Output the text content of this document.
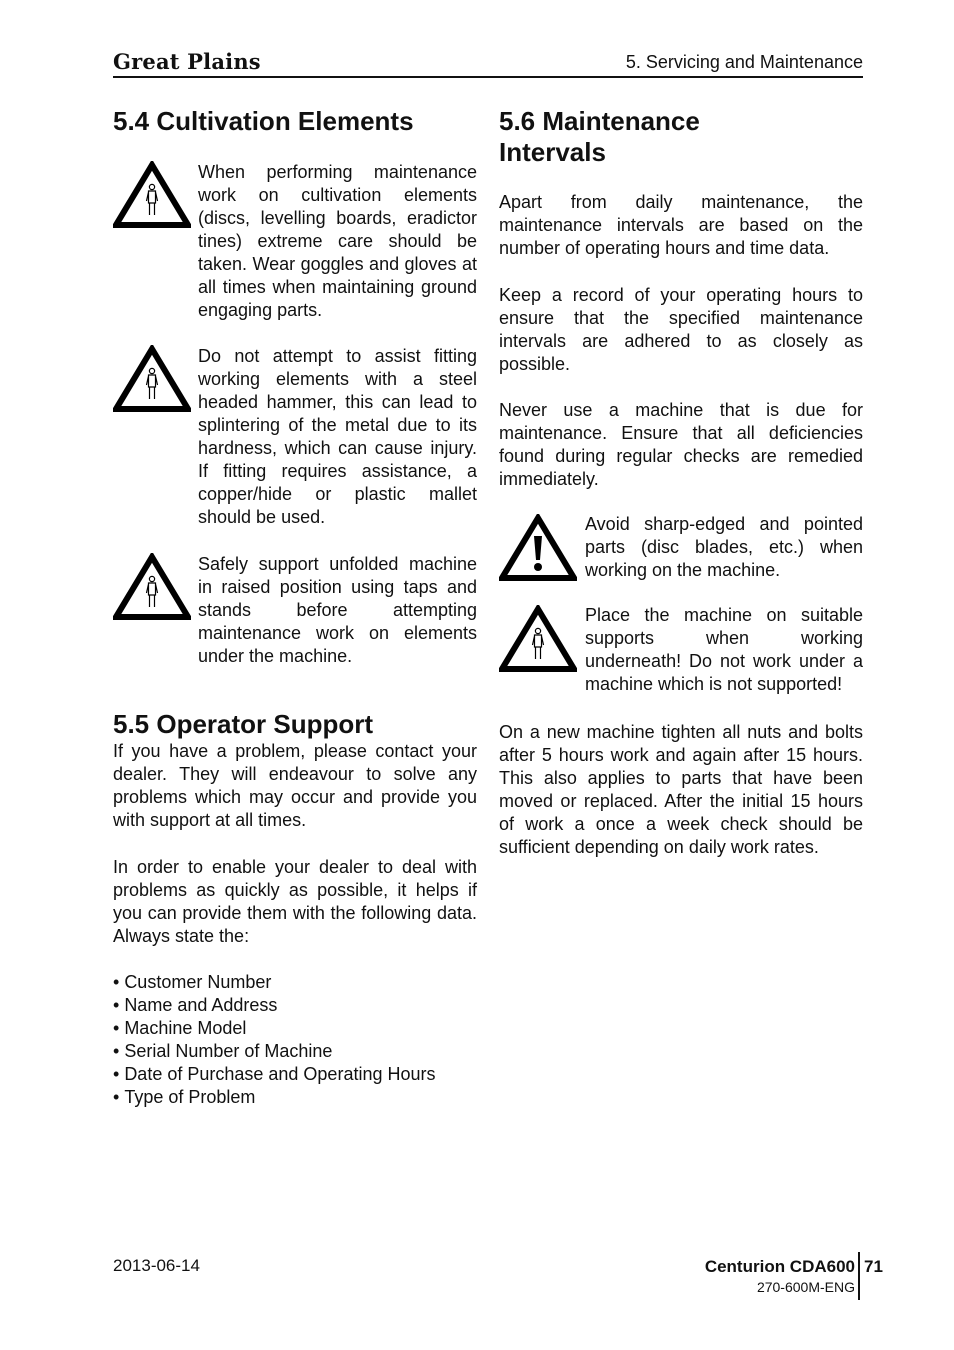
Great Plains	5. Servicing and Maintenance
5.4 Cultivation Elements

When performing maintenance work on cultivation elements (discs, levelling boards, eradictor tines) extreme care should be taken. Wear goggles and gloves at all times when maintaining ground engaging parts.

Do not attempt to assist fitting working elements with a steel headed hammer, this can lead to splintering of the metal due to its hardness, which can cause injury. If fitting requires assistance, a copper/hide or plastic mallet should be used.

Safely support unfolded machine in raised position using taps and stands before attempting maintenance work on elements under the machine.

5.5 Operator Support

If you have a problem, please contact your dealer. They will endeavour to solve any problems which may occur and provide you with support at all times.

In order to enable your dealer to deal with problems as quickly as possible, it helps if you can provide them with the following data. Always state the:

• Customer Number
• Name and Address
• Machine Model
• Serial Number of Machine
• Date of Purchase and Operating Hours
• Type of Problem
5.6 Maintenance
Intervals

Apart from daily maintenance, the maintenance intervals are based on the number of operating hours and time data.

Keep a record of your operating hours to ensure that the specified maintenance intervals are adhered to as closely as possible.

Never use a machine that is due for maintenance. Ensure that all deficiencies found during regular checks are remedied immediately.

Avoid sharp-edged and pointed parts (disc blades, etc.) when working on the machine.

Place the machine on suitable supports when working underneath! Do not work under a machine which is not supported!

On a new machine tighten all nuts and bolts after 5 hours work and again after 15 hours. This also applies to parts that have been moved or replaced. After the initial 15 hours of work a once a week check should be sufficient depending on daily work rates.

2013-06-14	Centurion CDA600
270-600M-ENG
71
